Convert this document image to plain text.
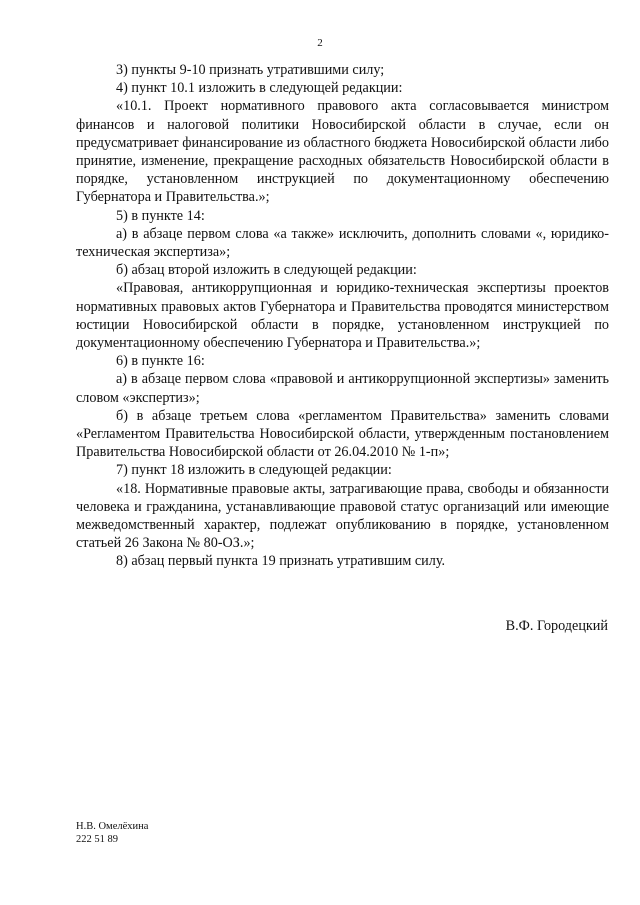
2

3) пункты 9-10 признать утратившими силу;

4) пункт 10.1 изложить в следующей редакции:

«10.1. Проект нормативного правового акта согласовывается министром финансов и налоговой политики Новосибирской области в случае, если он предусматривает финансирование из областного бюджета Новосибирской области либо принятие, изменение, прекращение расходных обязательств Новосибирской области в порядке, установленном инструкцией по документационному обеспечению Губернатора и Правительства.»;

5) в пункте 14:

а) в абзаце первом слова «а также» исключить, дополнить словами «, юридико-техническая экспертиза»;

б) абзац второй изложить в следующей редакции:

«Правовая, антикоррупционная и юридико-техническая экспертизы проектов нормативных правовых актов Губернатора и Правительства проводятся министерством юстиции Новосибирской области в порядке, установленном инструкцией по документационному обеспечению Губернатора и Правительства.»;

6) в пункте 16:

а) в абзаце первом слова «правовой и антикоррупционной экспертизы» заменить словом «экспертиз»;

б) в абзаце третьем слова «регламентом Правительства» заменить словами «Регламентом Правительства Новосибирской области, утвержденным постановлением Правительства Новосибирской области от 26.04.2010 № 1-п»;

7) пункт 18 изложить в следующей редакции:

«18. Нормативные правовые акты, затрагивающие права, свободы и обязанности человека и гражданина, устанавливающие правовой статус организаций или имеющие межведомственный характер, подлежат опубликованию в порядке, установленном статьей 26 Закона № 80-ОЗ.»;

8) абзац первый пункта 19 признать утратившим силу.

В.Ф. Городецкий
Н.В. Омелёхина
222 51 89
